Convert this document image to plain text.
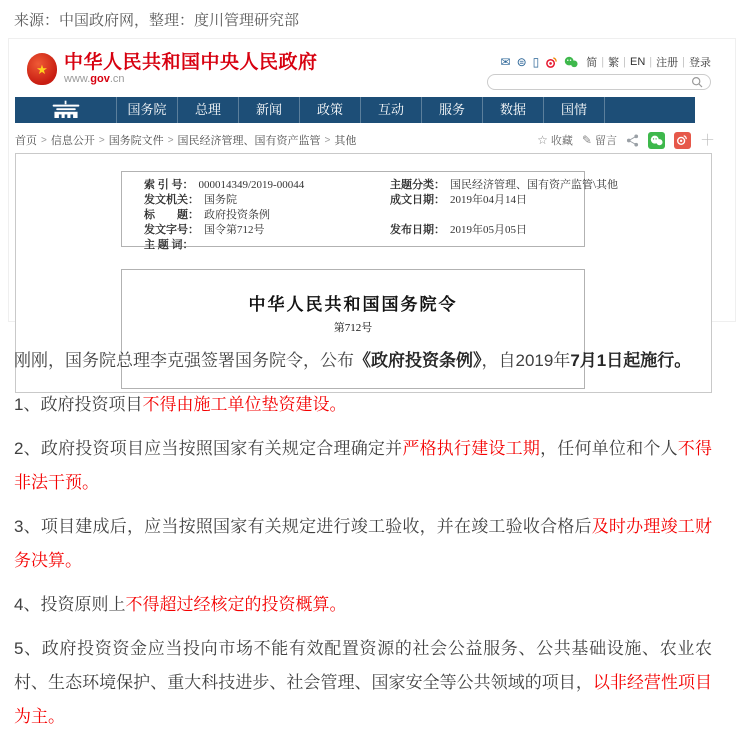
来源：中国政府网，整理：度川管理研究部
★ 中华人民共和国中央人民政府
www.gov.cn
✉ ⊜ ▯	简 | 繁 | EN | 注册 | 登录
国务院	总理	新闻	政策	互动	服务	数据	国情
首页 > 信息公开 > 国务院文件 > 国民经济管理、国有资产监管 > 其他	☆ 收藏 ✎ 留言	＋
索 引 号： 000014349/2019-00044
发文机关： 国务院
标　　题： 政府投资条例
发文字号： 国令第712号
主 题 词：
主题分类： 国民经济管理、国有资产监管\其他
成文日期： 2019年04月14日
发布日期： 2019年05月05日
中华人民共和国国务院令
第712号

刚刚，国务院总理李克强签署国务院令，公布《政府投资条例》，自2019年7月1日起施行。

1、政府投资项目不得由施工单位垫资建设。

2、政府投资项目应当按照国家有关规定合理确定并严格执行建设工期，任何单位和个人不得非法干预。

3、项目建成后，应当按照国家有关规定进行竣工验收，并在竣工验收合格后及时办理竣工财务决算。

4、投资原则上不得超过经核定的投资概算。

5、政府投资资金应当投向市场不能有效配置资源的社会公益服务、公共基础设施、农业农村、生态环境保护、重大科技进步、社会管理、国家安全等公共领域的项目，以非经营性项目为主。
